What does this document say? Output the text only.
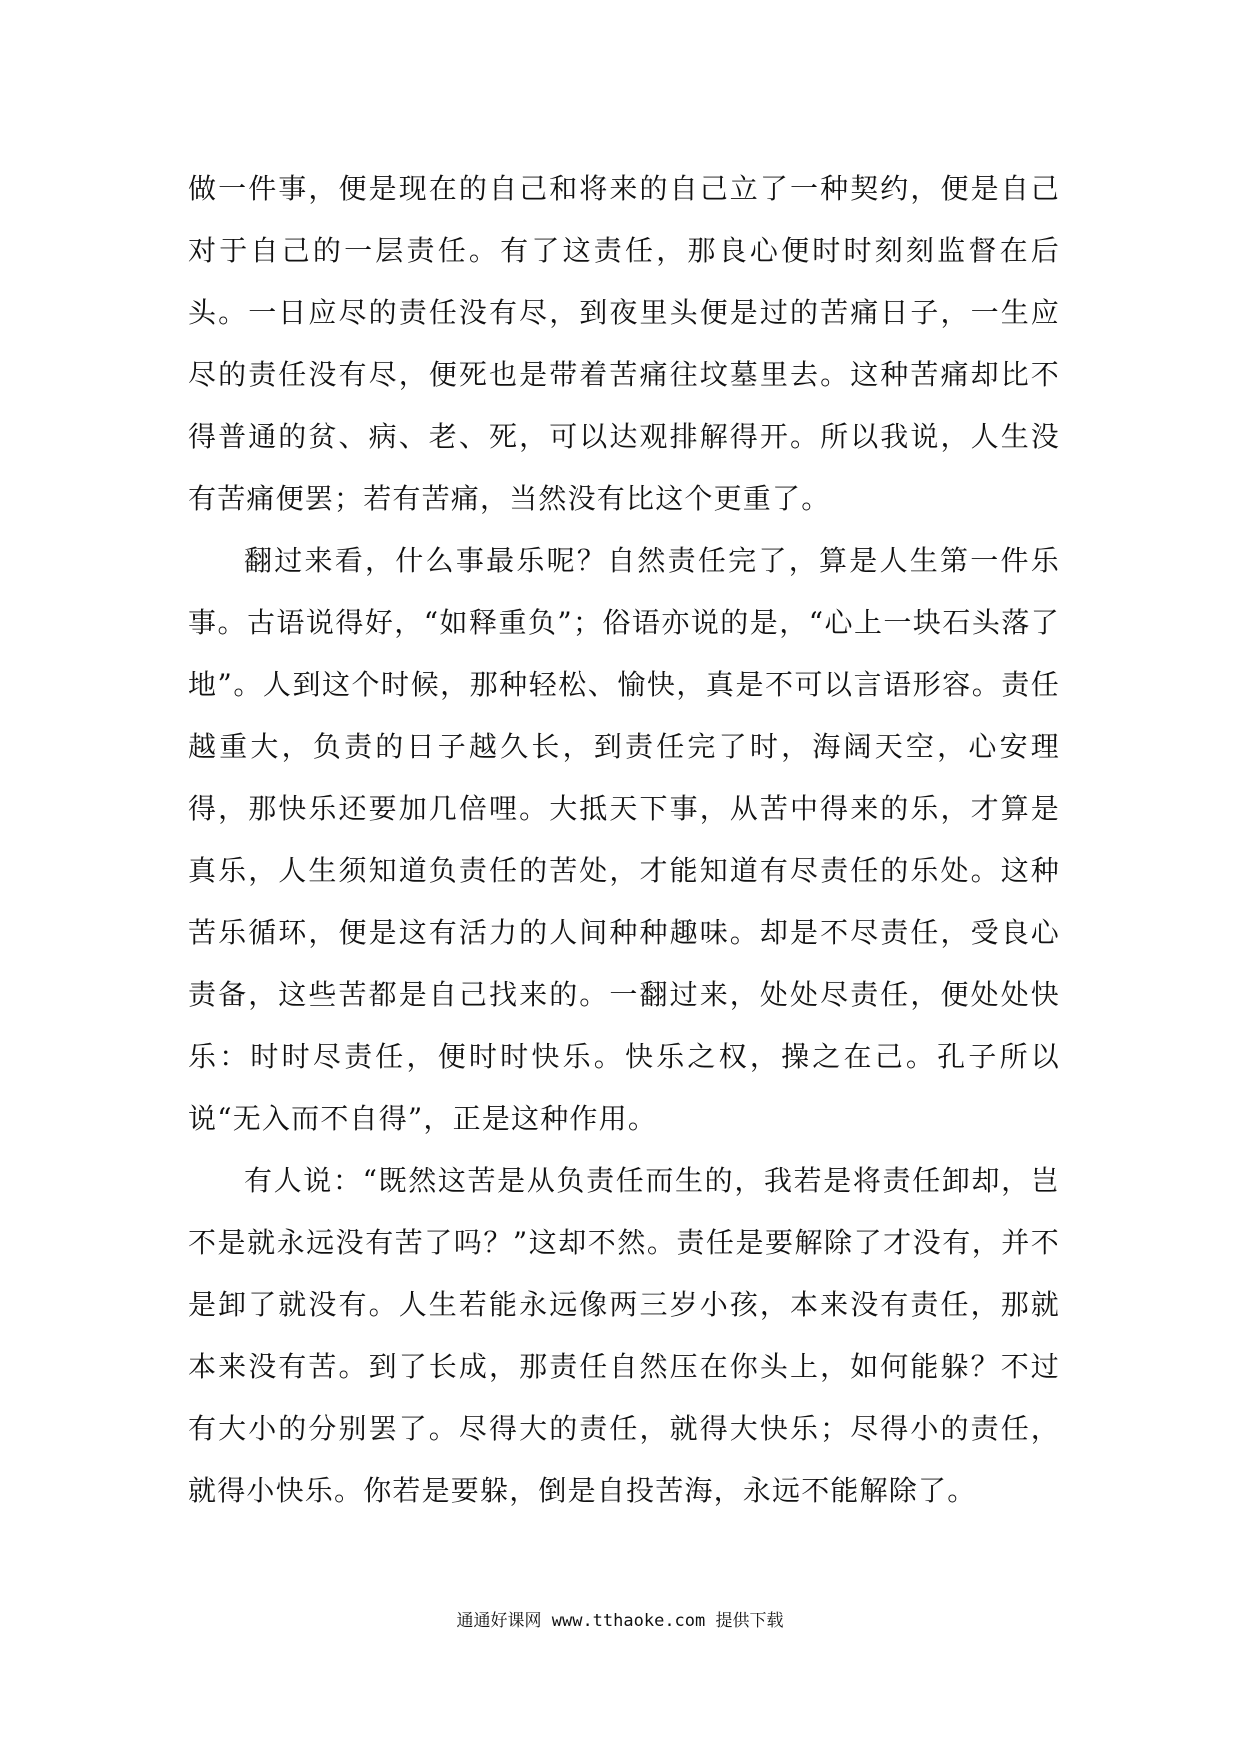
做一件事，便是现在的自己和将来的自己立了一种契约，便是自己对于自己的一层责任。有了这责任，那良心便时时刻刻监督在后头。一日应尽的责任没有尽，到夜里头便是过的苦痛日子，一生应尽的责任没有尽，便死也是带着苦痛往坟墓里去。这种苦痛却比不得普通的贫、病、老、死，可以达观排解得开。所以我说，人生没有苦痛便罢；若有苦痛，当然没有比这个更重了。

翻过来看，什么事最乐呢？自然责任完了，算是人生第一件乐事。古语说得好，“如释重负”；俗语亦说的是，“心上一块石头落了地”。人到这个时候，那种轻松、愉快，真是不可以言语形容。责任越重大，负责的日子越久长，到责任完了时，海阔天空，心安理得，那快乐还要加几倍哩。大抵天下事，从苦中得来的乐，才算是真乐，人生须知道负责任的苦处，才能知道有尽责任的乐处。这种苦乐循环，便是这有活力的人间种种趣味。却是不尽责任，受良心责备，这些苦都是自己找来的。一翻过来，处处尽责任，便处处快乐：时时尽责任，便时时快乐。快乐之权，操之在己。孔子所以说“无入而不自得”，正是这种作用。

有人说：“既然这苦是从负责任而生的，我若是将责任卸却，岂不是就永远没有苦了吗？”这却不然。责任是要解除了才没有，并不是卸了就没有。人生若能永远像两三岁小孩，本来没有责任，那就本来没有苦。到了长成，那责任自然压在你头上，如何能躲？不过有大小的分别罢了。尽得大的责任，就得大快乐；尽得小的责任，就得小快乐。你若是要躲，倒是自投苦海，永远不能解除了。

通通好课网 www.tthaoke.com 提供下载
